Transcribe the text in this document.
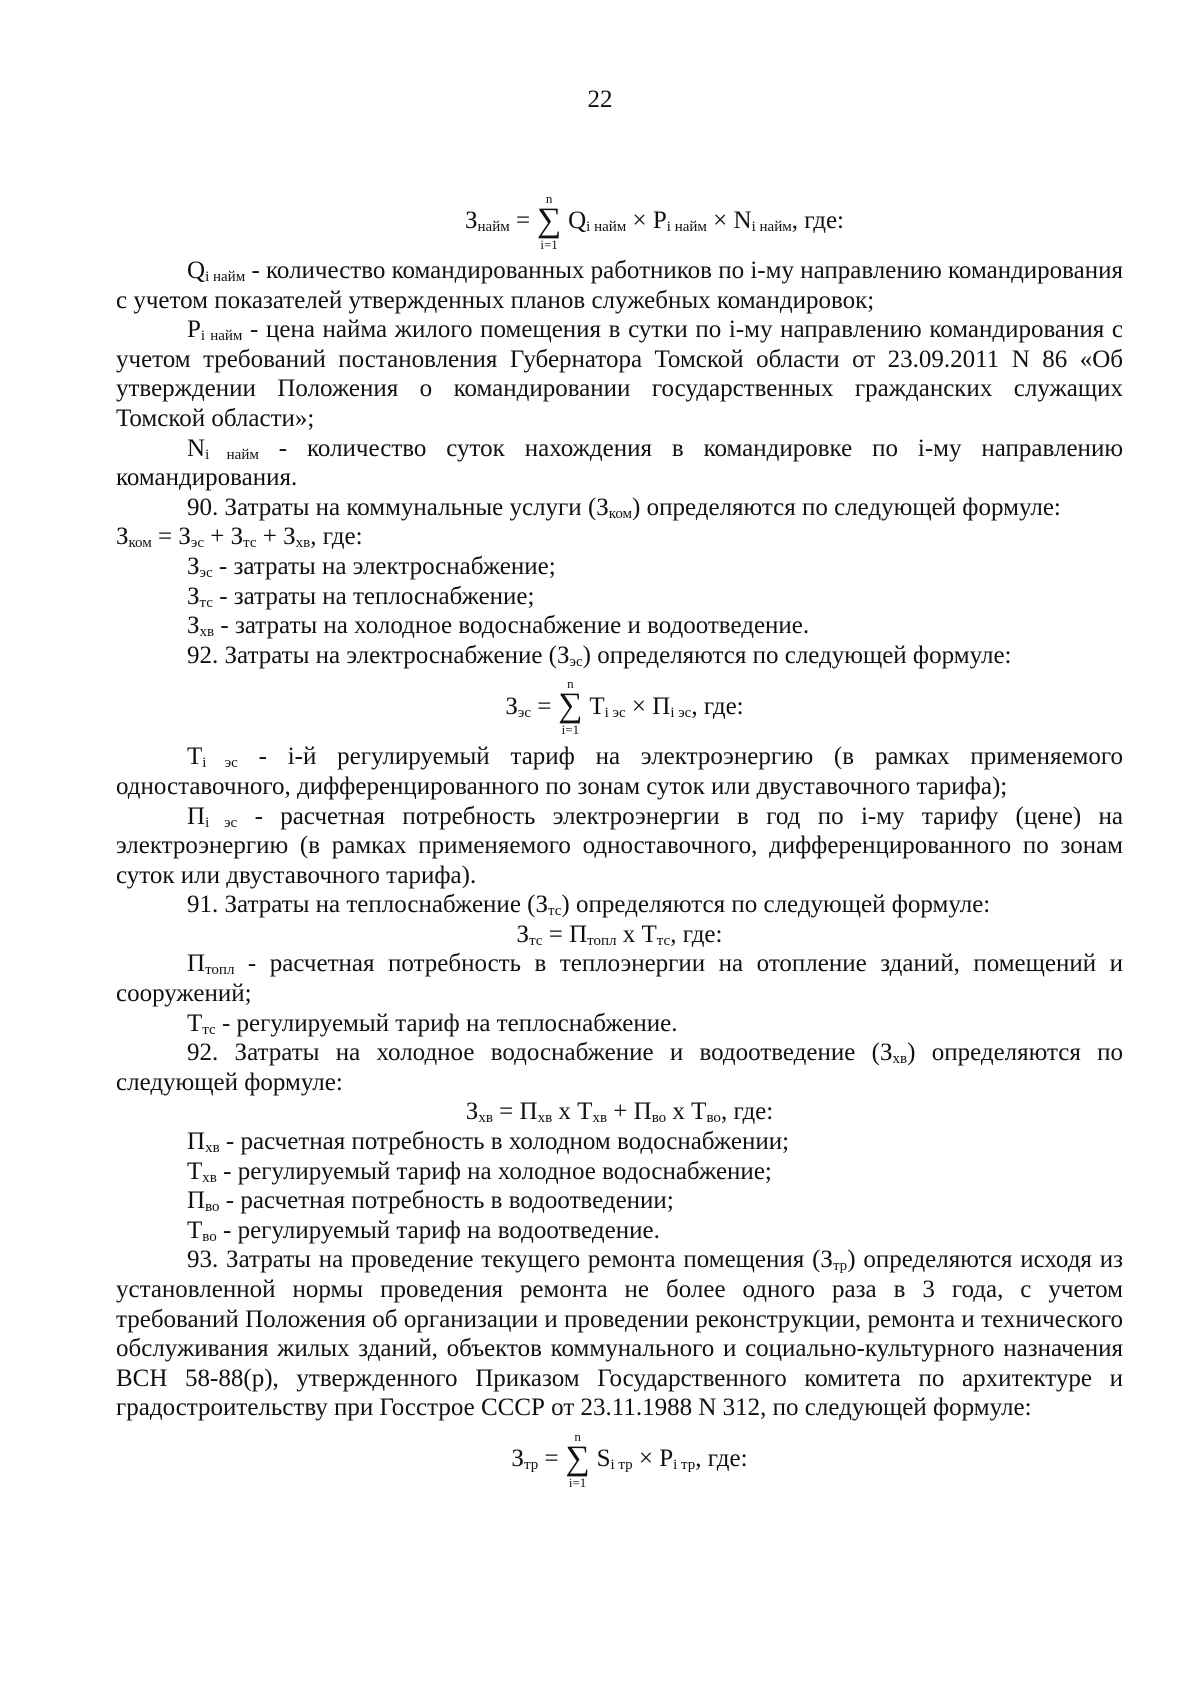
22
$З_{найм}$ =
n
∑
i=1
$Q_{i найм} \times P_{i найм} \times N_{i найм}$, где:

$Q_{i найм}$ - количество командированных работников по i-му направлению командирования с учетом показателей утвержденных планов служебных командировок;

$P_{i найм}$ - цена найма жилого помещения в сутки по i-му направлению командирования с учетом требований постановления Губернатора Томской области от 23.09.2011 N 86 «Об утверждении Положения о командировании государственных гражданских служащих Томской области»;

$N_{i найм}$ - количество суток нахождения в командировке по i-му направлению командирования.

90. Затраты на коммунальные услуги $(З_{ком})$ определяются по следующей формуле:

$З_{ком} = З_{эс} + З_{тс} + З_{хв}$, где:

$З_{эс}$ - затраты на электроснабжение;

$З_{тс}$ - затраты на теплоснабжение;

$З_{хв}$ - затраты на холодное водоснабжение и водоотведение.

92. Затраты на электроснабжение $(З_{эс})$ определяются по следующей формуле:

$З_{эс}$ =
n
∑
i=1
$Т_{i эс} \times П_{i эс}$, где:

$Т_{i эс} - i-й$ регулируемый тариф на электроэнергию (в рамках применяемого одноставочного, дифференцированного по зонам суток или двуставочного тарифа);

$П_{i эс}$ - расчетная потребность электроэнергии в год по i-му тарифу (цене) на электроэнергию (в рамках применяемого одноставочного, дифференцированного по зонам суток или двуставочного тарифа).

91. Затраты на теплоснабжение $(З_{тс})$ определяются по следующей формуле:

$З_{тс} = П_{топл}$ х $Т_{тс}$, где:

$П_{топл}$ - расчетная потребность в теплоэнергии на отопление зданий, помещений и сооружений;

$Т_{тс}$ - регулируемый тариф на теплоснабжение.

92. Затраты на холодное водоснабжение и водоотведение $(З_{хв})$ определяются по следующей формуле:

$З_{хв} = П_{хв}$ х $Т_{хв} + П_{во}$ х $Т_{во}$, где:

$П_{хв}$ - расчетная потребность в холодном водоснабжении;

$Т_{хв}$ - регулируемый тариф на холодное водоснабжение;

$П_{во}$ - расчетная потребность в водоотведении;

$Т_{во}$ - регулируемый тариф на водоотведение.

93. Затраты на проведение текущего ремонта помещения $(З_{тр})$ определяются исходя из установленной нормы проведения ремонта не более одного раза в 3 года, с учетом требований Положения об организации и проведении реконструкции, ремонта и технического обслуживания жилых зданий, объектов коммунального и социально-культурного назначения ВСН 58-88(р), утвержденного Приказом Государственного комитета по архитектуре и градостроительству при Госстрое СССР от 23.11.1988 N 312, по следующей формуле:

$З_{тр}$ =
n
∑
i=1
$S_{i тр} \times P_{i тр}$, где:
